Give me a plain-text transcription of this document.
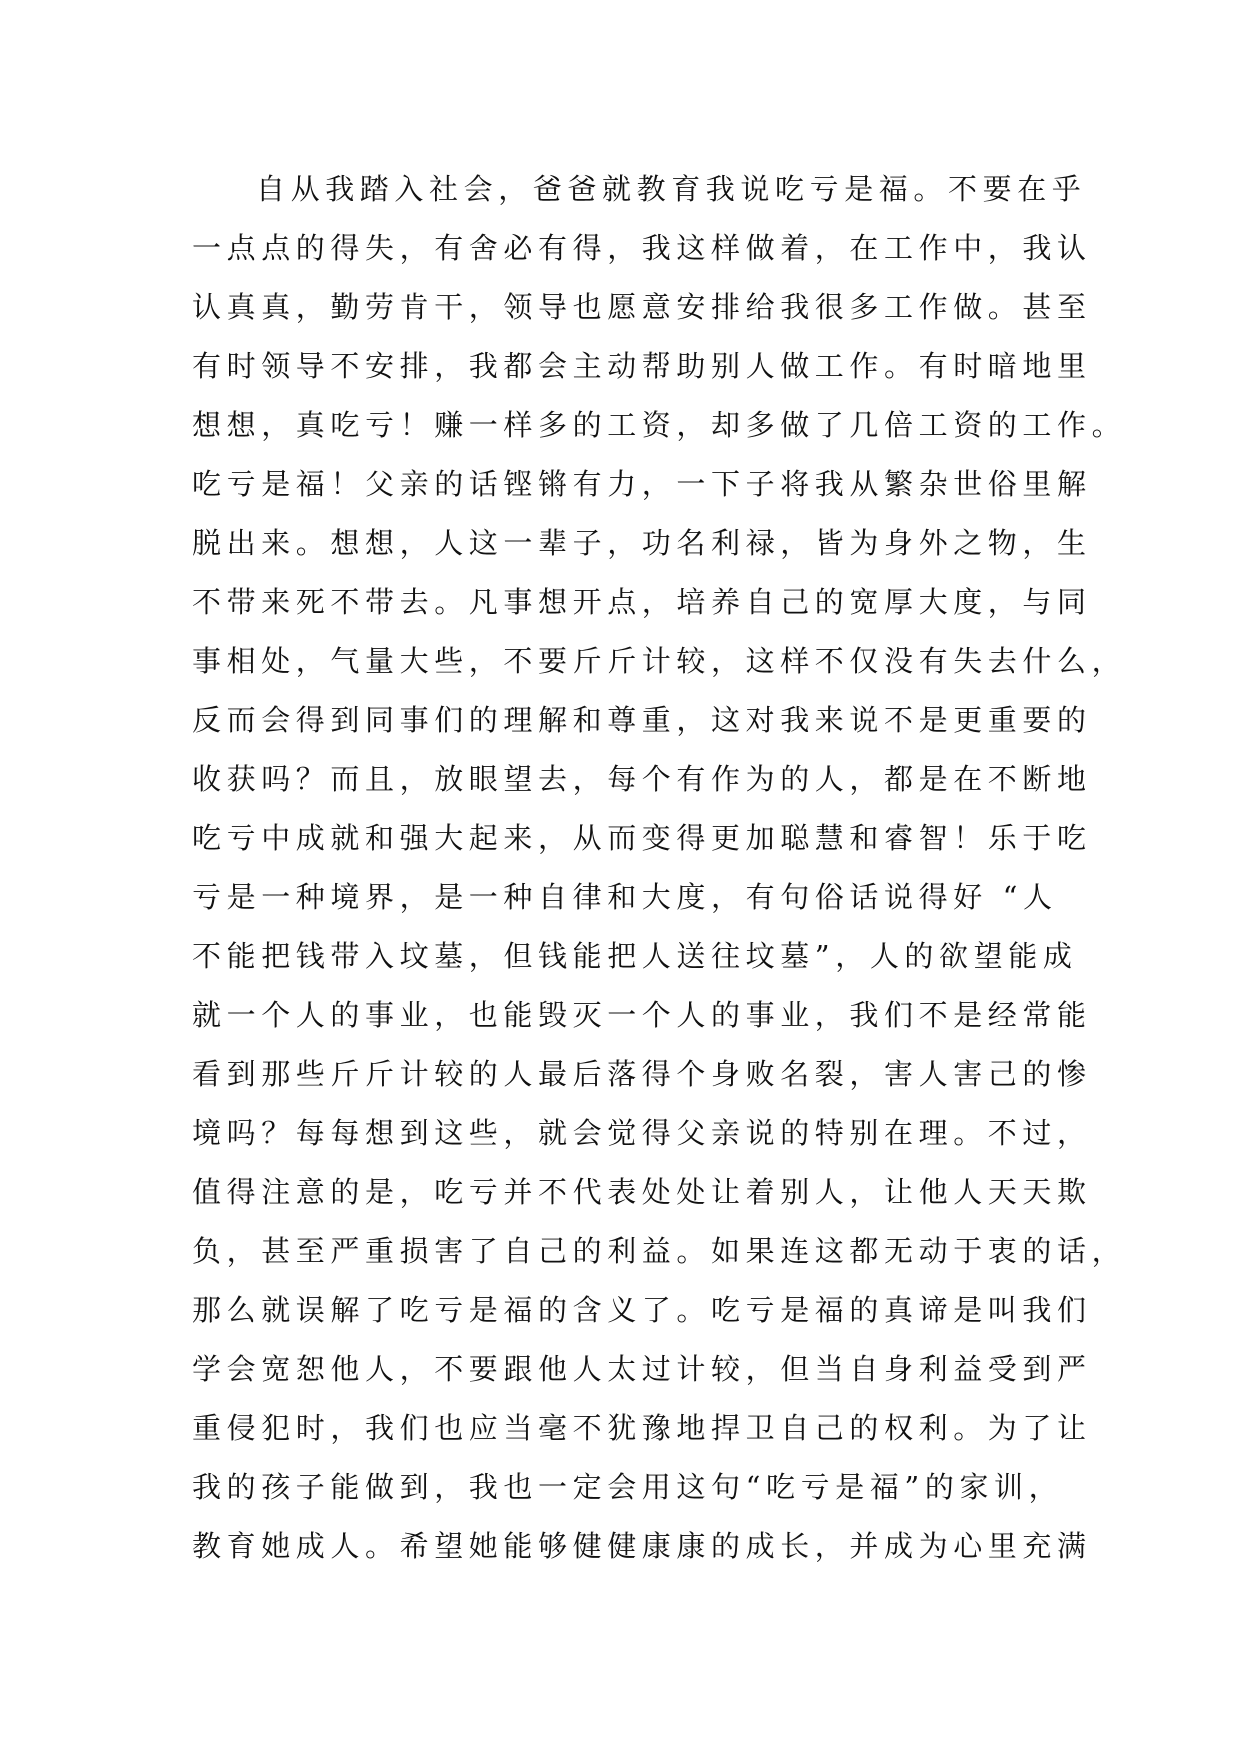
自从我踏入社会，爸爸就教育我说吃亏是福。不要在乎
一点点的得失，有舍必有得，我这样做着，在工作中，我认
认真真，勤劳肯干，领导也愿意安排给我很多工作做。甚至
有时领导不安排，我都会主动帮助别人做工作。有时暗地里
想想，真吃亏！赚一样多的工资，却多做了几倍工资的工作。
吃亏是福！父亲的话铿锵有力，一下子将我从繁杂世俗里解
脱出来。想想，人这一辈子，功名利禄，皆为身外之物，生
不带来死不带去。凡事想开点，培养自己的宽厚大度，与同
事相处，气量大些，不要斤斤计较，这样不仅没有失去什么，
反而会得到同事们的理解和尊重，这对我来说不是更重要的
收获吗？而且，放眼望去，每个有作为的人，都是在不断地
吃亏中成就和强大起来，从而变得更加聪慧和睿智！乐于吃
亏是一种境界，是一种自律和大度，有句俗话说得好 “人
不能把钱带入坟墓，但钱能把人送往坟墓”，人的欲望能成
就一个人的事业，也能毁灭一个人的事业，我们不是经常能
看到那些斤斤计较的人最后落得个身败名裂，害人害己的惨
境吗？每每想到这些，就会觉得父亲说的特别在理。不过，
值得注意的是，吃亏并不代表处处让着别人，让他人天天欺
负，甚至严重损害了自己的利益。如果连这都无动于衷的话，
那么就误解了吃亏是福的含义了。吃亏是福的真谛是叫我们
学会宽恕他人，不要跟他人太过计较，但当自身利益受到严
重侵犯时，我们也应当毫不犹豫地捍卫自己的权利。为了让
我的孩子能做到，我也一定会用这句“吃亏是福”的家训，
教育她成人。希望她能够健健康康的成长，并成为心里充满
